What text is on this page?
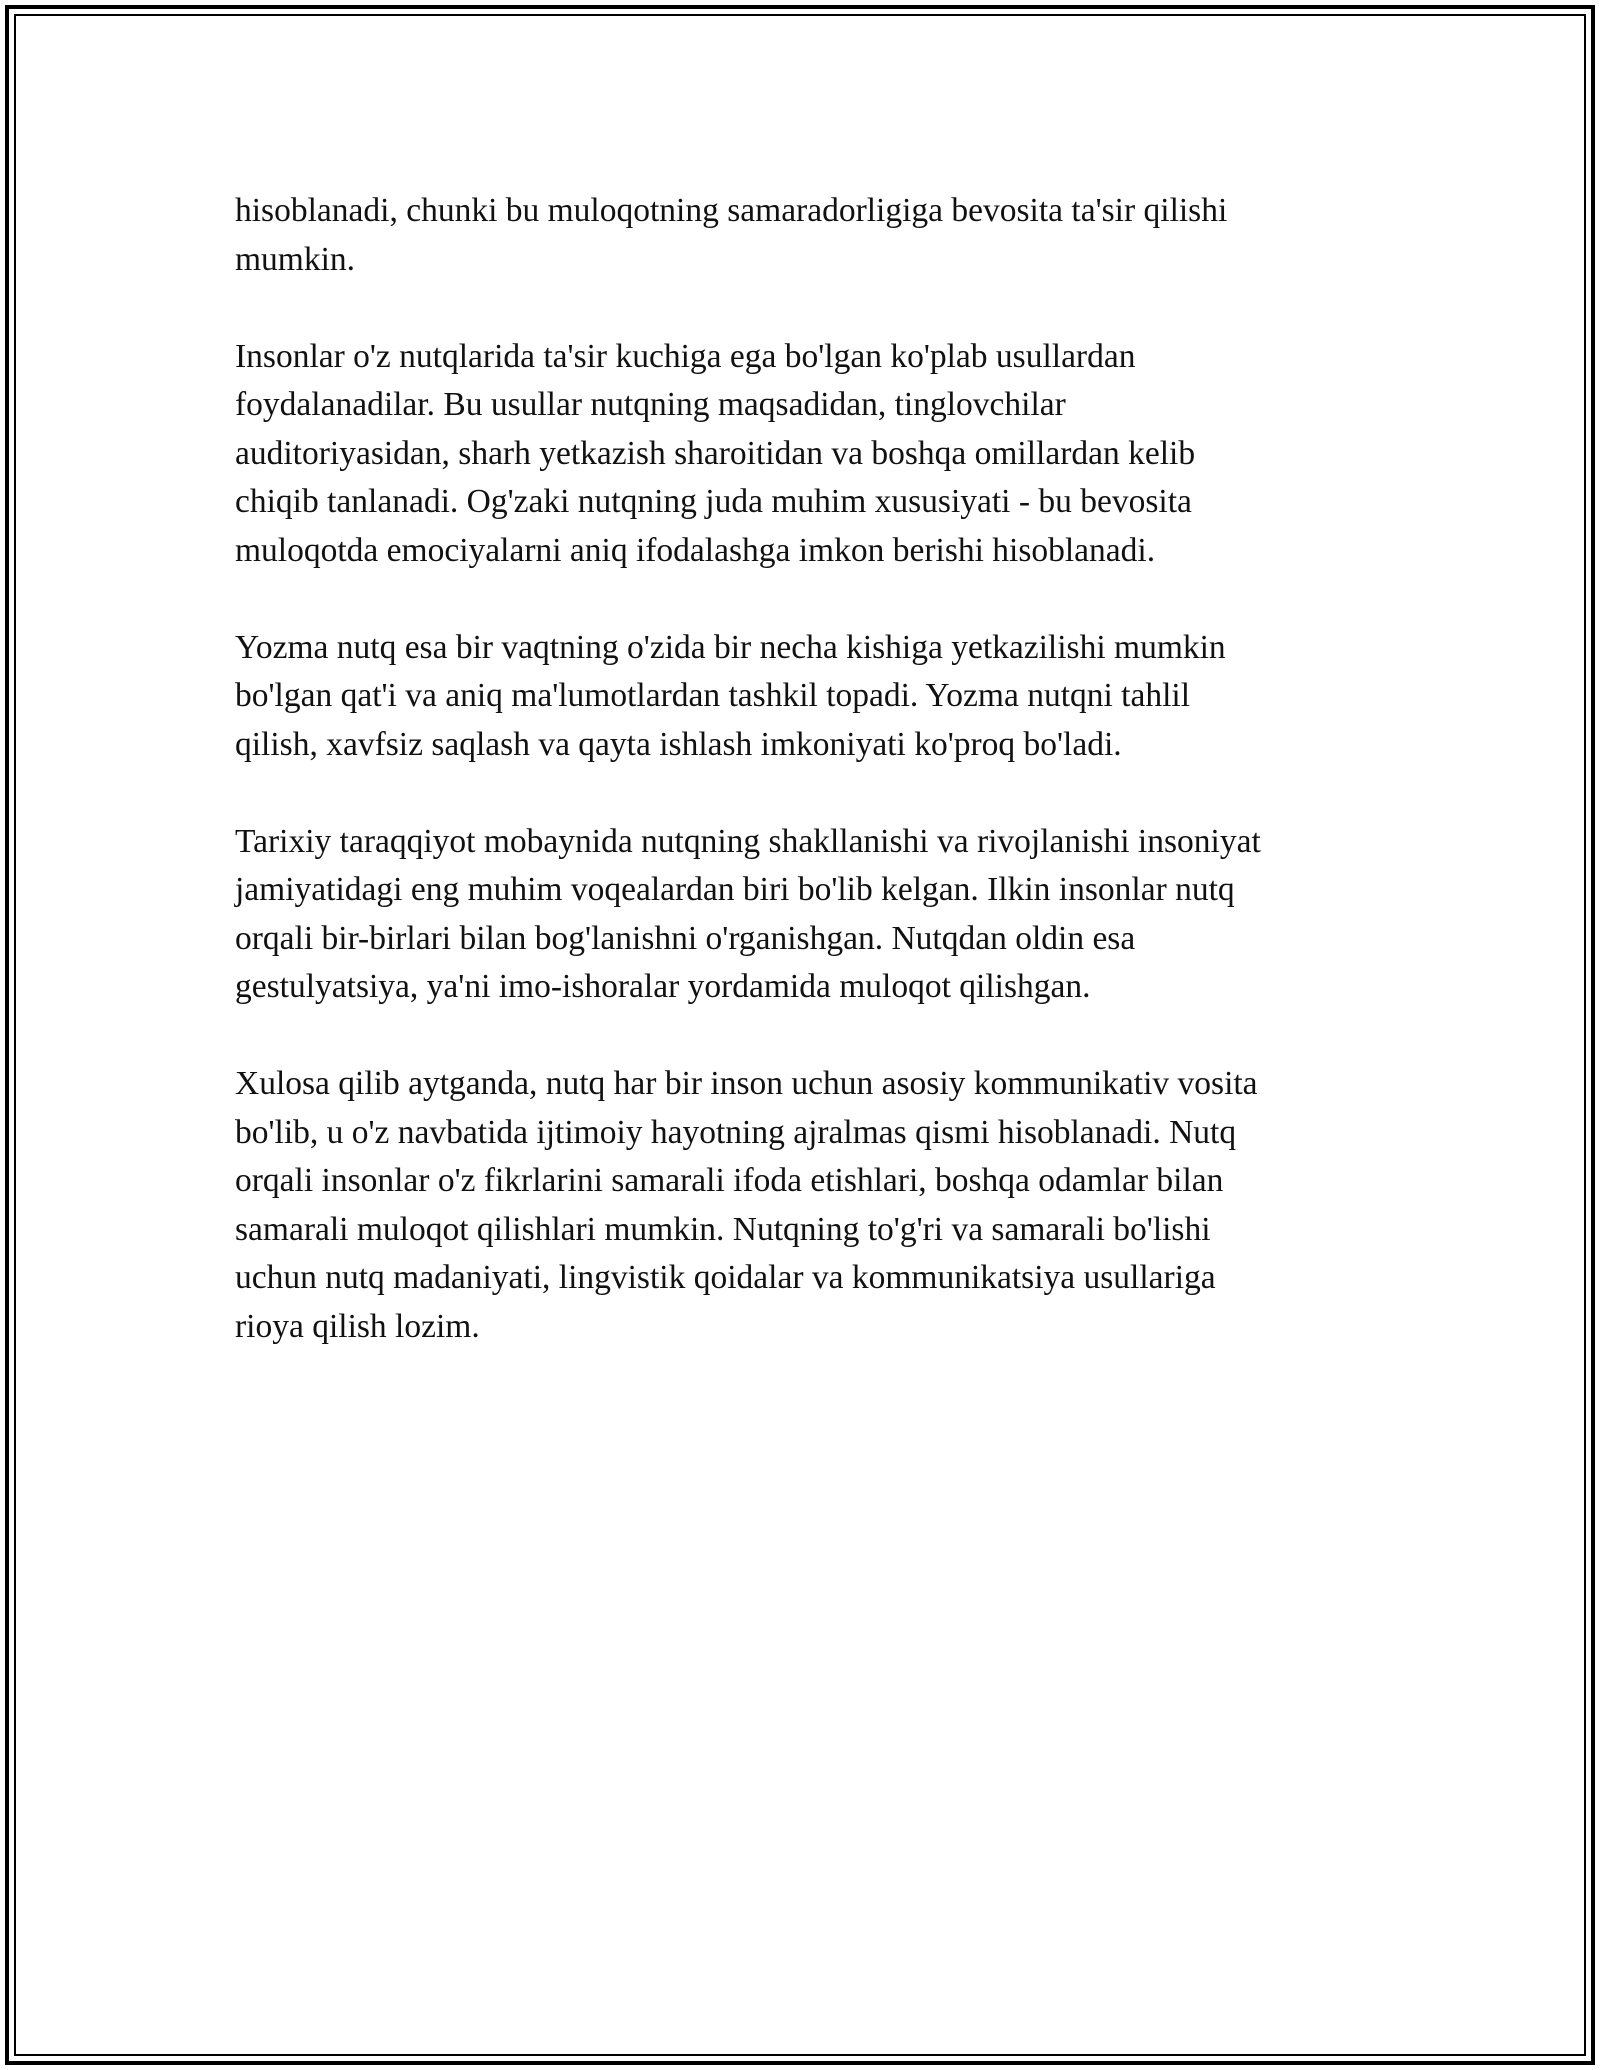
hisoblanadi, chunki bu muloqotning samaradorligiga bevosita ta'sir qilishi
mumkin.

Insonlar o'z nutqlarida ta'sir kuchiga ega bo'lgan ko'plab usullardan
foydalanadilar. Bu usullar nutqning maqsadidan, tinglovchilar
auditoriyasidan, sharh yetkazish sharoitidan va boshqa omillardan kelib
chiqib tanlanadi. Og'zaki nutqning juda muhim xususiyati - bu bevosita
muloqotda emociyalarni aniq ifodalashga imkon berishi hisoblanadi.

Yozma nutq esa bir vaqtning o'zida bir necha kishiga yetkazilishi mumkin
bo'lgan qat'i va aniq ma'lumotlardan tashkil topadi. Yozma nutqni tahlil
qilish, xavfsiz saqlash va qayta ishlash imkoniyati ko'proq bo'ladi.

Tarixiy taraqqiyot mobaynida nutqning shakllanishi va rivojlanishi insoniyat
jamiyatidagi eng muhim voqealardan biri bo'lib kelgan. Ilkin insonlar nutq
orqali bir-birlari bilan bog'lanishni o'rganishgan. Nutqdan oldin esa
gestulyatsiya, ya'ni imo-ishoralar yordamida muloqot qilishgan.

Xulosa qilib aytganda, nutq har bir inson uchun asosiy kommunikativ vosita
bo'lib, u o'z navbatida ijtimoiy hayotning ajralmas qismi hisoblanadi. Nutq
orqali insonlar o'z fikrlarini samarali ifoda etishlari, boshqa odamlar bilan
samarali muloqot qilishlari mumkin. Nutqning to'g'ri va samarali bo'lishi
uchun nutq madaniyati, lingvistik qoidalar va kommunikatsiya usullariga
rioya qilish lozim.
